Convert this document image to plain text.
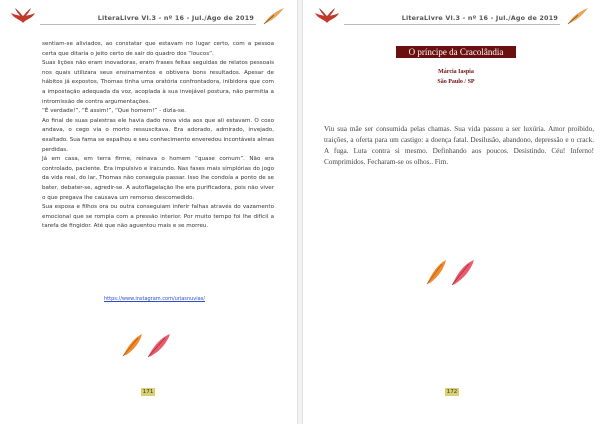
LiteraLivre Vl.3 - nº 16 - Jul./Ago de 2019

sentiam-se aliviados, ao constatar que estavam no lugar certo, com a pessoa certa que ditaria o jeito certo de sair do quadro dos “loucos”.

Suas lições não eram inovadoras, eram frases feitas seguidas de relatos pessoais nos quais utilizara seus ensinamentos e obtivera bons resultados. Apesar de hábitos já expostos, Thomas tinha uma oratória confrontadora, inibidora que com a impostação adequada da voz, acoplada à sua invejável postura, não permitia a intromissão de contra argumentações.

“É verdade!”, “É assim!”, “Que homem!” - dizia-se.

Ao final de suas palestras ele havia dado nova vida aos que ali estavam. O coxo andava, o cego via o morto ressuscitava. Era adorado, admirado, invejado, exaltado. Sua fama se espalhou e seu conhecimento enveredou incontáveis almas perdidas.

Já em casa, em terra firme, reinava o homem “quase comum”. Não era controlado, paciente. Era impulsivo e iracundo. Nas fases mais simplórias do jogo da vida real, do lar, Thomas não conseguia passar. Isso lhe condoía a ponto de se bater, debater-se, agredir-se. A autoflagelação lhe era purificadora, pois não viver o que pregava lhe causava um remorso descomedido.

Sua esposa e filhos ora ou outra conseguiam inferir falhas através do vazamento emocional que se rompia com a pressão interior. Por muito tempo foi lhe difícil a tarefa de fingidor. Até que não aguentou mais e se morreu.

https://www.instagram.com/uriasnuvias/
171
LiteraLivre Vl.3 - nº 16 - Jul./Ago de 2019
O príncipe da Cracolândia
Márcia Iaspia
São Paulo / SP
Viu sua mãe ser consumida pelas chamas. Sua vida passou a ser luxúria. Amor proibido, traições, a oferta para um castigo: a doença fatal. Desilusão, abandono, depressão e o crack. A fuga. Luta contra si mesmo. Definhando aos poucos. Desistindo. Céu! Inferno! Comprimidos. Fecharam-se os olhos.. Fim.
172
